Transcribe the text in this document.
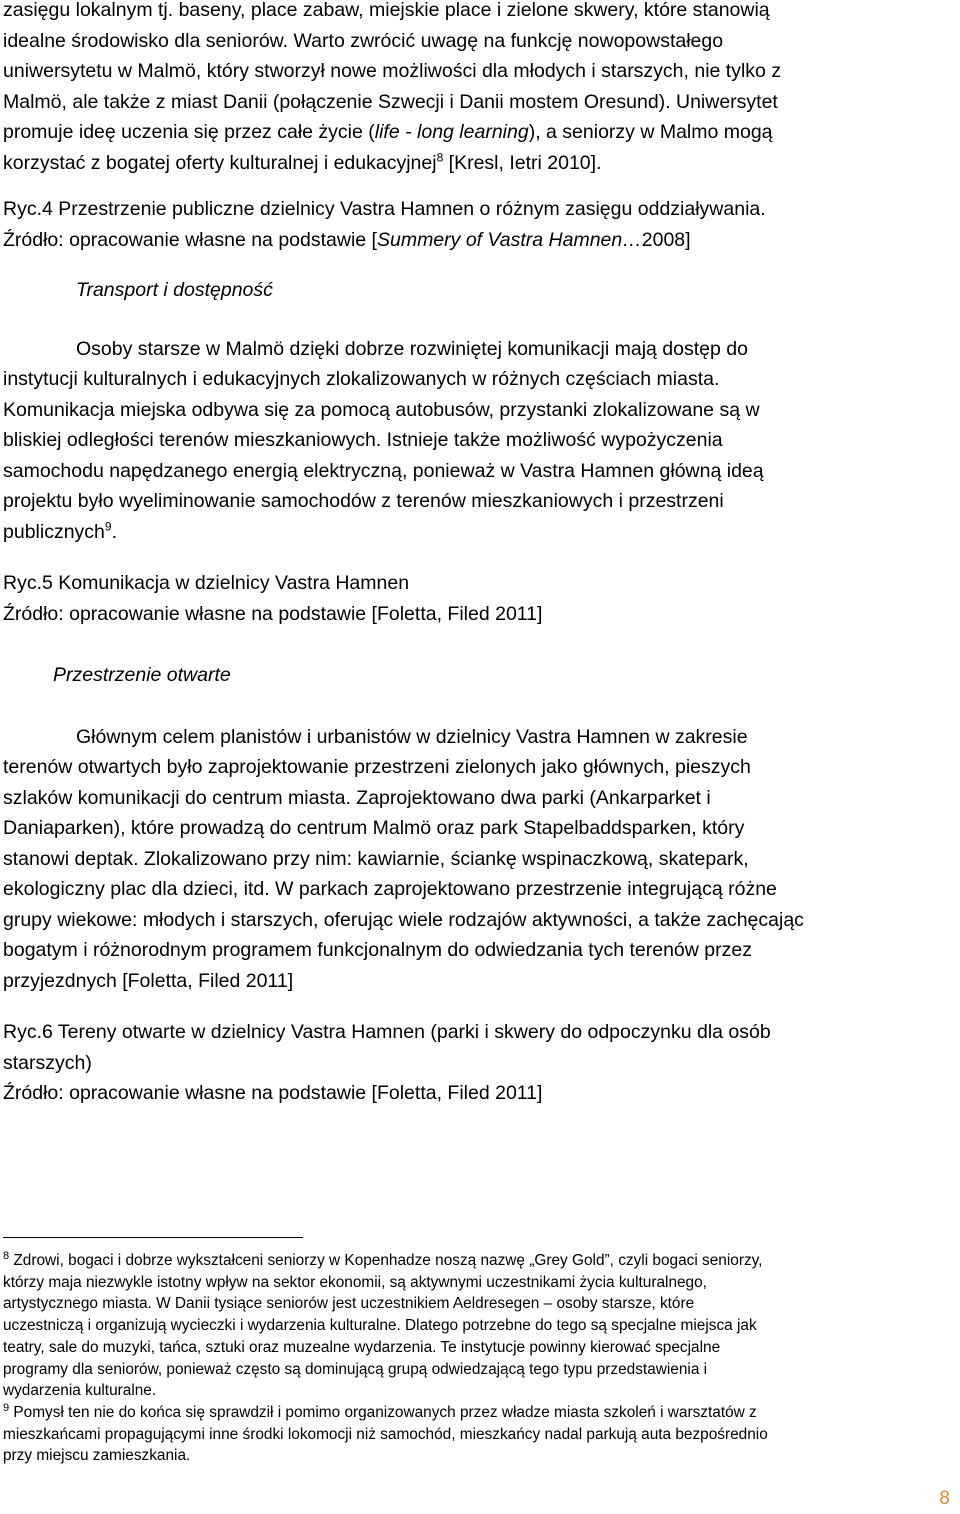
zasięgu lokalnym tj. baseny, place zabaw, miejskie place i zielone skwery, które stanowią

idealne środowisko dla seniorów. Warto zwrócić uwagę na funkcję nowopowstałego

uniwersytetu w Malmö, który stworzył nowe możliwości dla młodych i starszych, nie tylko z

Malmö, ale także z miast Danii (połączenie Szwecji i Danii mostem Oresund). Uniwersytet

promuje ideę uczenia się przez całe życie (life - long learning), a seniorzy w Malmo mogą

korzystać z bogatej oferty kulturalnej i edukacyjnej$^8$ [Kresl, Ietri 2010].

Ryc.4 Przestrzenie publiczne dzielnicy Vastra Hamnen o różnym zasięgu oddziaływania.

Źródło: opracowanie własne na podstawie [Summery of Vastra Hamnen…2008]

Transport i dostępność

Osoby starsze w Malmö dzięki dobrze rozwiniętej komunikacji mają dostęp do

instytucji kulturalnych i edukacyjnych zlokalizowanych w różnych częściach miasta.

Komunikacja miejska odbywa się za pomocą autobusów, przystanki zlokalizowane są w

bliskiej odległości terenów mieszkaniowych. Istnieje także możliwość wypożyczenia

samochodu napędzanego energią elektryczną, ponieważ w Vastra Hamnen główną ideą

projektu było wyeliminowanie samochodów z terenów mieszkaniowych i przestrzeni

publicznych$^9$.

Ryc.5 Komunikacja w dzielnicy Vastra Hamnen

Źródło: opracowanie własne na podstawie [Foletta, Filed 2011]

Przestrzenie otwarte

Głównym celem planistów i urbanistów w dzielnicy Vastra Hamnen w zakresie

terenów otwartych było zaprojektowanie przestrzeni zielonych jako głównych, pieszych

szlaków komunikacji do centrum miasta. Zaprojektowano dwa parki (Ankarparket i

Daniaparken), które prowadzą do centrum Malmö oraz park Stapelbaddsparken, który

stanowi deptak. Zlokalizowano przy nim: kawiarnie, ściankę wspinaczkową, skatepark,

ekologiczny plac dla dzieci, itd. W parkach zaprojektowano przestrzenie integrującą różne

grupy wiekowe: młodych i starszych, oferując wiele rodzajów aktywności, a także zachęcając

bogatym i różnorodnym programem funkcjonalnym do odwiedzania tych terenów przez

przyjezdnych [Foletta, Filed 2011]

Ryc.6 Tereny otwarte w dzielnicy Vastra Hamnen (parki i skwery do odpoczynku dla osób

starszych)

Źródło: opracowanie własne na podstawie [Foletta, Filed 2011]

$^8$ Zdrowi, bogaci i dobrze wykształceni seniorzy w Kopenhadze noszą nazwę „Grey Gold”, czyli bogaci seniorzy,

którzy maja niezwykle istotny wpływ na sektor ekonomii, są aktywnymi uczestnikami życia kulturalnego,

artystycznego miasta. W Danii tysiące seniorów jest uczestnikiem Aeldresegen – osoby starsze, które

uczestniczą i organizują wycieczki i wydarzenia kulturalne. Dlatego potrzebne do tego są specjalne miejsca jak

teatry, sale do muzyki, tańca, sztuki oraz muzealne wydarzenia. Te instytucje powinny kierować specjalne

programy dla seniorów, ponieważ często są dominującą grupą odwiedzającą tego typu przedstawienia i

wydarzenia kulturalne.

$^9$ Pomysł ten nie do końca się sprawdził i pomimo organizowanych przez władze miasta szkoleń i warsztatów z

mieszkańcami propagującymi inne środki lokomocji niż samochód, mieszkańcy nadal parkują auta bezpośrednio

przy miejscu zamieszkania.

8
